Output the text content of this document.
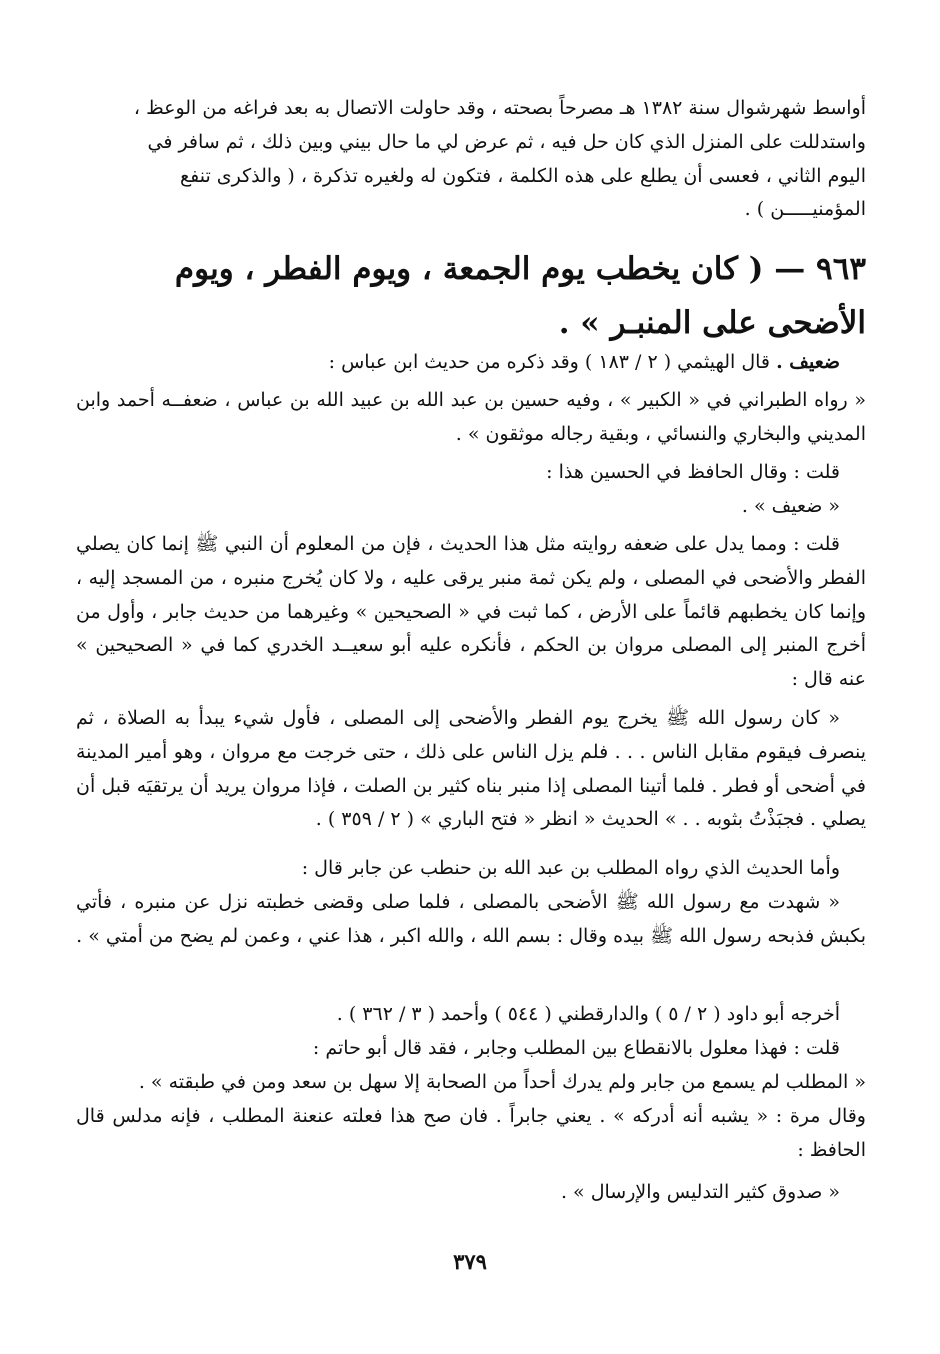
أواسط شهرشوال سنة ١٣٨٢ هـ مصرحاً بصحته ، وقد حاولت الاتصال به بعد فراغه من الوعظ ،
واستدللت على المنزل الذي كان حل فيه ، ثم عرض لي ما حال بيني وبين ذلك ، ثم سافر في
اليوم الثاني ، فعسى أن يطلع على هذه الكلمة ، فتكون له ولغيره تذكرة ، ( والذكرى تنفع
المؤمنيـــــن ) .
٩٦٣ — ( كان يخطب يوم الجمعة ، ويوم الفطر ، ويوم الأضحى على المنبـر » .
ضعيف . قال الهيثمي ( ٢ / ١٨٣ ) وقد ذكره من حديث ابن عباس :
« رواه الطبراني في « الكبير » ، وفيه حسين بن عبد الله بن عبيد الله بن عباس ، ضعفــه أحمد وابن المديني والبخاري والنسائي ، وبقية رجاله موثقون » .
قلت : وقال الحافظ في الحسين هذا :
« ضعيف » .
قلت : ومما يدل على ضعفه روايته مثل هذا الحديث ، فإن من المعلوم أن النبي ﷺ إنما كان يصلي الفطر والأضحى في المصلى ، ولم يكن ثمة منبر يرقى عليه ، ولا كان يُخرج منبره ، من المسجد إليه ، وإنما كان يخطبهم قائماً على الأرض ، كما ثبت في « الصحيحين » وغيرهما من حديث جابر ، وأول من أخرج المنبر إلى المصلى مروان بن الحكم ، فأنكره عليه أبو سعيــد الخدري كما في « الصحيحين » عنه قال :
« كان رسول الله ﷺ يخرج يوم الفطر والأضحى إلى المصلى ، فأول شيء يبدأ به الصلاة ، ثم ينصرف فيقوم مقابل الناس . . . فلم يزل الناس على ذلك ، حتى خرجت مع مروان ، وهو أمير المدينة في أضحى أو فطر . فلما أتينا المصلى إذا منبر بناه كثير بن الصلت ، فإذا مروان يريد أن يرتقيَه قبل أن يصلي . فجبَذْتُ بثوبه . . » الحديث « انظر « فتح الباري » ( ٢ / ٣٥٩ ) .
وأما الحديث الذي رواه المطلب بن عبد الله بن حنطب عن جابر قال :
« شهدت مع رسول الله ﷺ الأضحى بالمصلى ، فلما صلى وقضى خطبته نزل عن منبره ، فأتي بكبش فذبحه رسول الله ﷺ بيده وقال : بسم الله ، والله اكبر ، هذا عني ، وعمن لم يضح من أمتي » .
أخرجه أبو داود ( ٢ / ٥ ) والدارقطني ( ٥٤٤ ) وأحمد ( ٣ / ٣٦٢ ) .
قلت : فهذا معلول بالانقطاع بين المطلب وجابر ، فقد قال أبو حاتم :
« المطلب لم يسمع من جابر ولم يدرك أحداً من الصحابة إلا سهل بن سعد ومن في طبقته » .
وقال مرة : « يشبه أنه أدركه » . يعني جابراً . فان صح هذا فعلته عنعنة المطلب ، فإنه مدلس قال الحافظ :
« صدوق كثير التدليس والإرسال » .
٣٧٩
